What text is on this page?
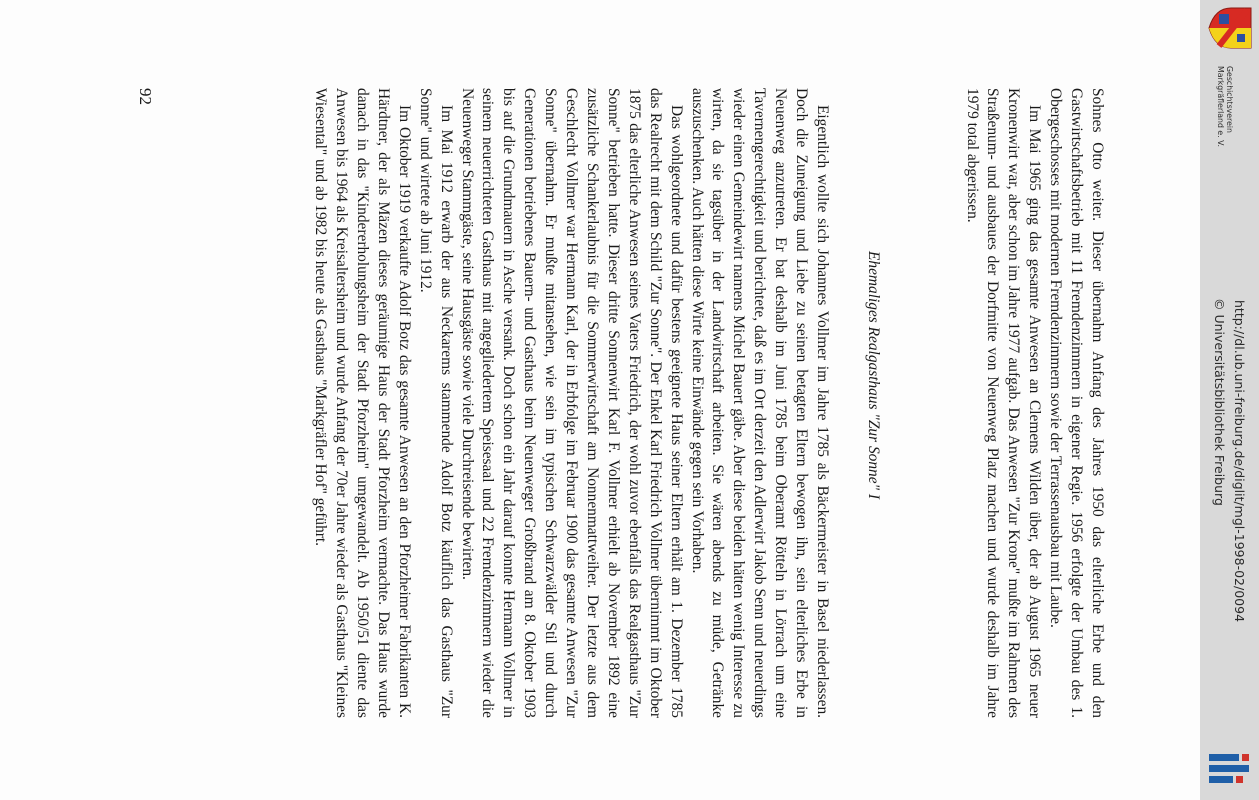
Sohnes Otto weiter. Dieser übernahm Anfang des Jahres 1950 das elterliche Erbe und den Gastwirtschaftsbetrieb mit 11 Fremdenzimmern in eigener Regie. 1956 erfolgte der Umbau des 1. Obergeschosses mit modernen Fremdenzimmern sowie der Terrassenausbau mit Laube.

Im Mai 1965 ging das gesamte Anwesen an Clemens Wilden über, der ab August 1965 neuer Kronenwirt war, aber schon im Jahre 1977 aufgab. Das Anwesen "Zur Krone" mußte im Rahmen des Straßenum- und ausbaues der Dorfmitte von Neuenweg Platz machen und wurde deshalb im Jahre 1979 total abgerissen.

Ehemaliges Realgasthaus "Zur Sonne" I

Eigentlich wollte sich Johannes Vollmer im Jahre 1785 als Bäckermeister in Basel niederlassen. Doch die Zuneigung und Liebe zu seinen betagten Eltern bewogen ihn, sein elterliches Erbe in Neuenweg anzutreten. Er bat deshalb im Juni 1785 beim Oberamt Rötteln in Lörrach um eine Tavernengerechtigkeit und berichtete, daß es im Ort derzeit den Adlerwirt Jakob Senn und neuerdings wieder einen Gemeindewirt namens Michel Bauert gäbe. Aber diese beiden hätten wenig Interesse zu wirten, da sie tagsüber in der Landwirtschaft arbeiten. Sie wären abends zu müde, Getränke auszuschenken. Auch hätten diese Wirte keine Einwände gegen sein Vorhaben.

Das wohlgeordnete und dafür bestens geeignete Haus seiner Eltern erhält am 1. Dezember 1785 das Realrecht mit dem Schild "Zur Sonne". Der Enkel Karl Friedrich Vollmer übernimmt im Oktober 1875 das elterliche Anwesen seines Vaters Friedrich, der wohl zuvor ebenfalls das Realgasthaus "Zur Sonne" betrieben hatte. Dieser dritte Sonnenwirt Karl F. Vollmer erhielt ab November 1892 eine zusätzliche Schankerlaubnis für die Sommerwirtschaft am Nonnenmattweiher. Der letzte aus dem Geschlecht Vollmer war Hermann Karl, der in Erbfolge im Februar 1900 das gesamte Anwesen "Zur Sonne" übernahm. Er mußte mitansehen, wie sein im typischen Schwarzwälder Stil und durch Generationen betriebenes Bauern- und Gasthaus beim Neuenweger Großbrand am 8. Oktober 1903 bis auf die Grundmauern in Asche versank. Doch schon ein Jahr darauf konnte Hermann Vollmer in seinem neuerrichteten Gasthaus mit angegliedertem Speisesaal und 22 Fremdenzimmern wieder die Neuenweger Stammgäste, seine Hausgäste sowie viele Durchreisende bewirten.

Im Mai 1912 erwarb der aus Neckarems stammende Adolf Botz käuflich das Gasthaus "Zur Sonne" und wirtete ab Juni 1912.

Im Oktober 1919 verkaufte Adolf Botz das gesamte Anwesen an den Pforzheimer Fabrikanten K. Härdtner, der als Mäzen dieses geräumige Haus der Stadt Pforzheim vermachte. Das Haus wurde danach in das "Kindererholungsheim der Stadt Pforzheim" umgewandelt. Ab 1950/51 diente das Anwesen bis 1964 als Kreisaltersheim und wurde Anfang der 70er Jahre wieder als Gasthaus "Kleines Wiesental" und ab 1982 bis heute als Gasthaus "Markgräfler Hof" geführt.

92	Geschichtsverein
Markgräflerland e. V.
http://dl.ub.uni-freiburg.de/diglit/mgl-1998-02/0094
© Universitätsbibliothek Freiburg
